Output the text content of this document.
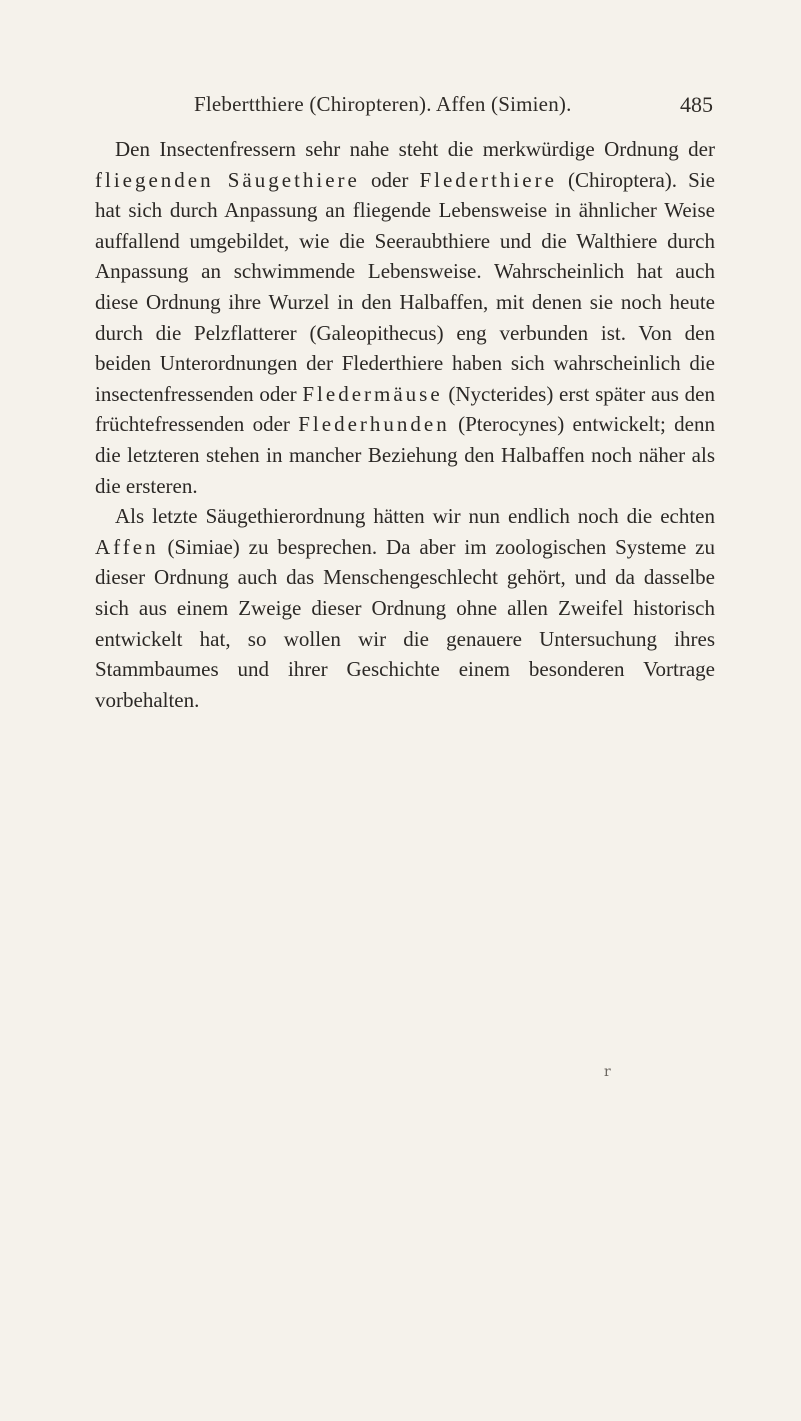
Flebertthiere (Chiropteren). Affen (Simien).	485

Den Insectenfressern sehr nahe steht die merkwürdige Ordnung der fliegenden Säugethiere oder Flederthiere (Chiroptera). Sie hat sich durch Anpassung an fliegende Lebensweise in ähnlicher Weise auffallend umgebildet, wie die Seeraubthiere und die Walthiere durch Anpassung an schwimmende Lebensweise. Wahrscheinlich hat auch diese Ordnung ihre Wurzel in den Halbaffen, mit denen sie noch heute durch die Pelzflatterer (Galeopithecus) eng verbunden ist. Von den beiden Unterordnungen der Flederthiere haben sich wahrscheinlich die insectenfressenden oder Fledermäuse (Nycterides) erst später aus den früchtefressenden oder Flederhunden (Pterocynes) entwickelt; denn die letzteren stehen in mancher Beziehung den Halbaffen noch näher als die ersteren.

Als letzte Säugethierordnung hätten wir nun endlich noch die echten Affen (Simiae) zu besprechen. Da aber im zoologischen Systeme zu dieser Ordnung auch das Menschengeschlecht gehört, und da dasselbe sich aus einem Zweige dieser Ordnung ohne allen Zweifel historisch entwickelt hat, so wollen wir die genauere Untersuchung ihres Stammbaumes und ihrer Geschichte einem besonderen Vortrage vorbehalten.

r
